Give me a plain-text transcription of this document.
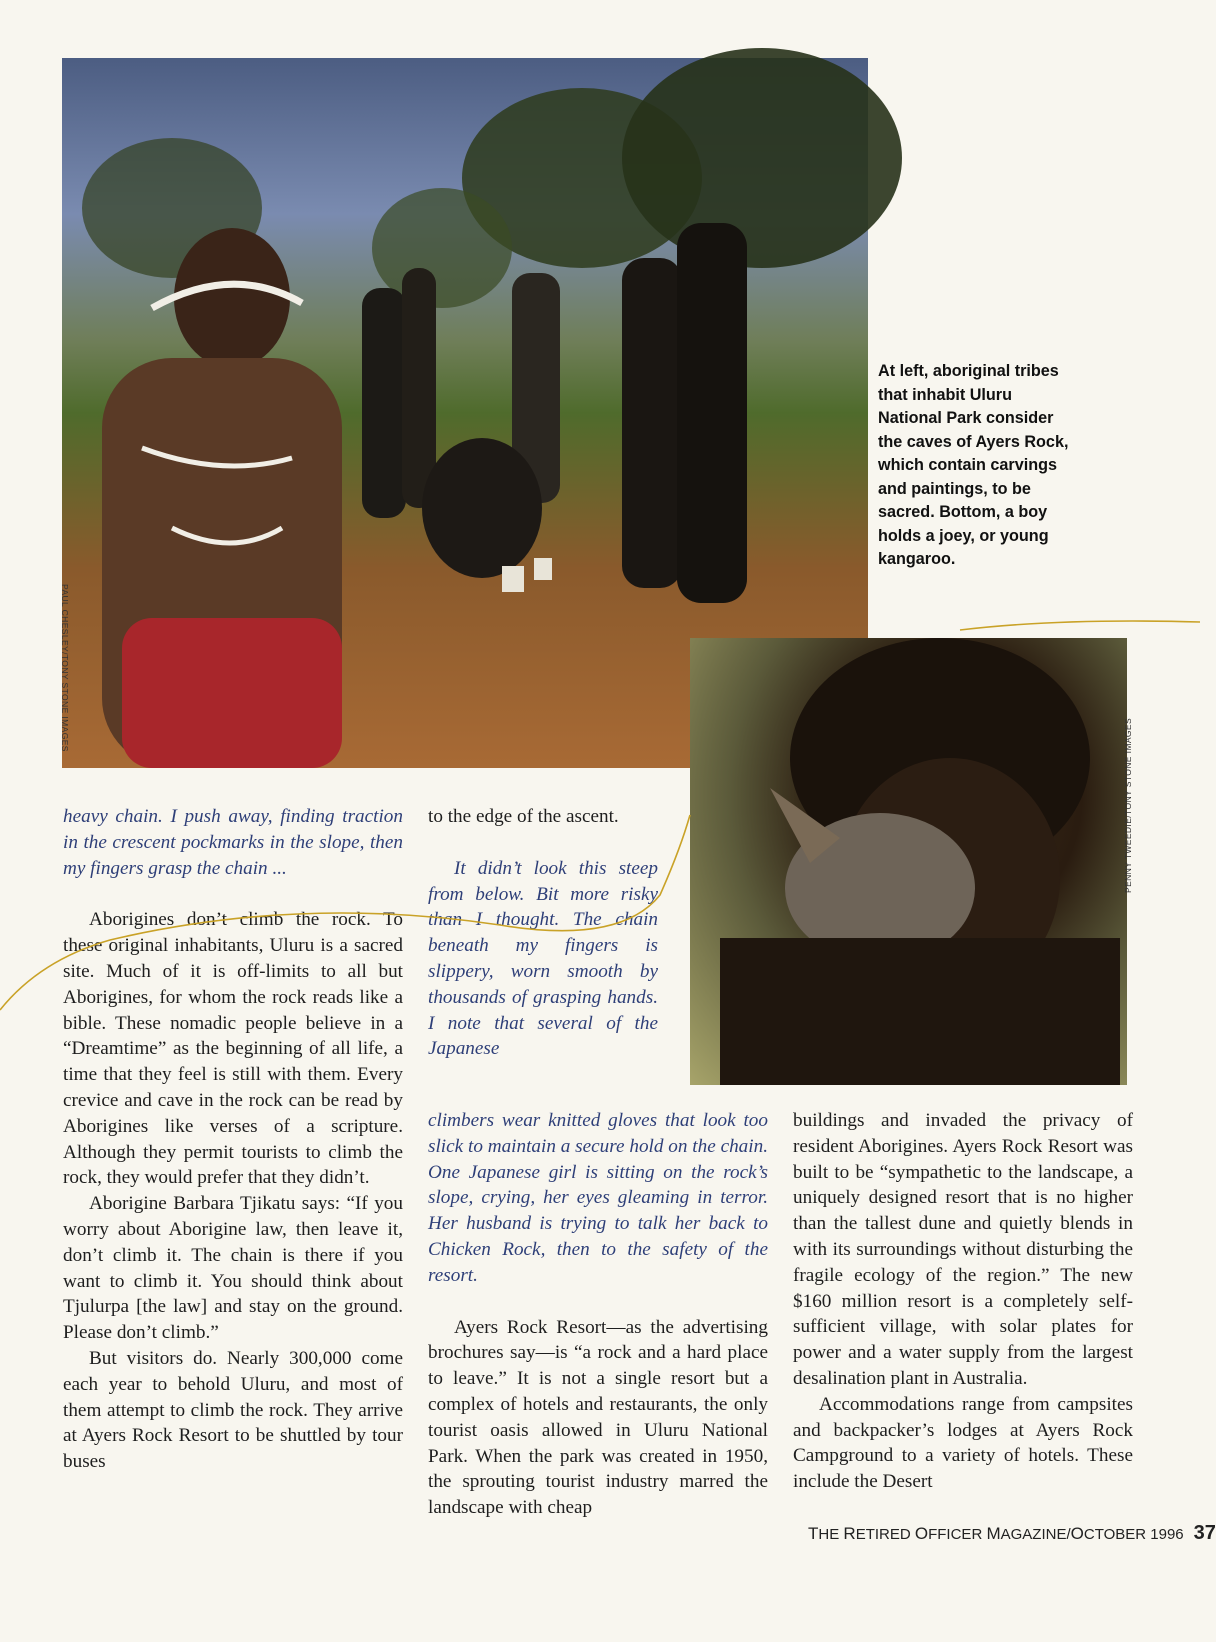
PAUL CHESLEY/TONY STONE IMAGES
At left, aboriginal tribes that inhabit Uluru National Park consider the caves of Ayers Rock, which contain carvings and paintings, to be sacred. Bottom, a boy holds a joey, or young kangaroo.
PENNY TWEEDIE/TONY STONE IMAGES

heavy chain. I push away, finding traction in the crescent pockmarks in the slope, then my fingers grasp the chain ...

Aborigines don’t climb the rock. To these original inhabitants, Uluru is a sacred site. Much of it is off-limits to all but Aborigines, for whom the rock reads like a bible. These nomadic people believe in a “Dreamtime” as the beginning of all life, a time that they feel is still with them. Every crevice and cave in the rock can be read by Aborigines like verses of a scripture. Although they permit tourists to climb the rock, they would prefer that they didn’t.

Aborigine Barbara Tjikatu says: “If you worry about Aborigine law, then leave it, don’t climb it. The chain is there if you want to climb it. You should think about Tjulurpa [the law] and stay on the ground. Please don’t climb.”

But visitors do. Nearly 300,000 come each year to behold Uluru, and most of them attempt to climb the rock. They arrive at Ayers Rock Resort to be shuttled by tour buses

to the edge of the ascent.

It didn’t look this steep from below. Bit more risky than I thought. The chain beneath my fingers is slippery, worn smooth by thousands of grasping hands. I note that several of the Japanese

climbers wear knitted gloves that look too slick to maintain a secure hold on the chain. One Japanese girl is sitting on the rock’s slope, crying, her eyes gleaming in terror. Her husband is trying to talk her back to Chicken Rock, then to the safety of the resort.

Ayers Rock Resort—as the advertising brochures say—is “a rock and a hard place to leave.” It is not a single resort but a complex of hotels and restaurants, the only tourist oasis allowed in Uluru National Park. When the park was created in 1950, the sprouting tourist industry marred the landscape with cheap

buildings and invaded the privacy of resident Aborigines. Ayers Rock Resort was built to be “sympathetic to the landscape, a uniquely designed resort that is no higher than the tallest dune and quietly blends in with its surroundings without disturbing the fragile ecology of the region.” The new $160 million resort is a completely self-sufficient village, with solar plates for power and a water supply from the largest desalination plant in Australia.

Accommodations range from campsites and backpacker’s lodges at Ayers Rock Campground to a variety of hotels. These include the Desert

THE RETIRED OFFICER MAGAZINE/OCTOBER 1996 37
